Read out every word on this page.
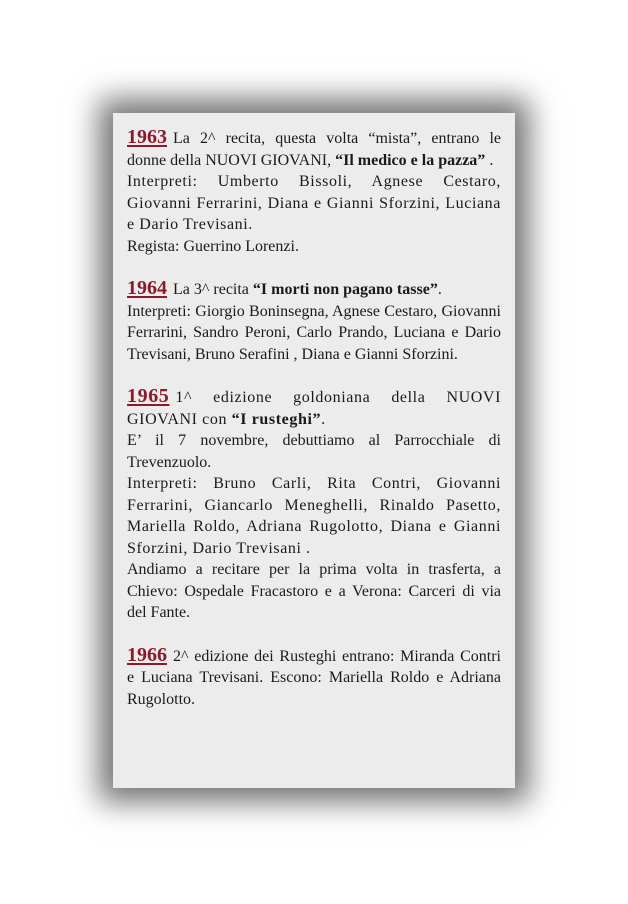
1963 La 2^ recita, questa volta “mista”, entrano le donne della NUOVI GIOVANI, “Il medico e la pazza” .

Interpreti: Umberto Bissoli, Agnese Cestaro, Giovanni Ferrarini, Diana e Gianni Sforzini, Luciana e Dario Trevisani.

Regista: Guerrino Lorenzi.

1964 La 3^ recita “I morti non pagano tasse”.

Interpreti: Giorgio Boninsegna, Agnese Cestaro, Giovanni Ferrarini, Sandro Peroni, Carlo Prando, Luciana e Dario Trevisani, Bruno Serafini , Diana e Gianni Sforzini.

1965 1^ edizione goldoniana della NUOVI GIOVANI con “I rusteghi”.

E’ il 7 novembre, debuttiamo al Parrocchiale di Trevenzuolo.

Interpreti: Bruno Carli, Rita Contri, Giovanni Ferrarini, Giancarlo Meneghelli, Rinaldo Pasetto, Mariella Roldo, Adriana Rugolotto, Diana e Gianni Sforzini, Dario Trevisani .

Andiamo a recitare per la prima volta in trasferta, a Chievo: Ospedale Fracastoro e a Verona: Carceri di via del Fante.

1966 2^ edizione dei Rusteghi entrano: Miranda Contri e Luciana Trevisani. Escono: Mariella Roldo e Adriana Rugolotto.
